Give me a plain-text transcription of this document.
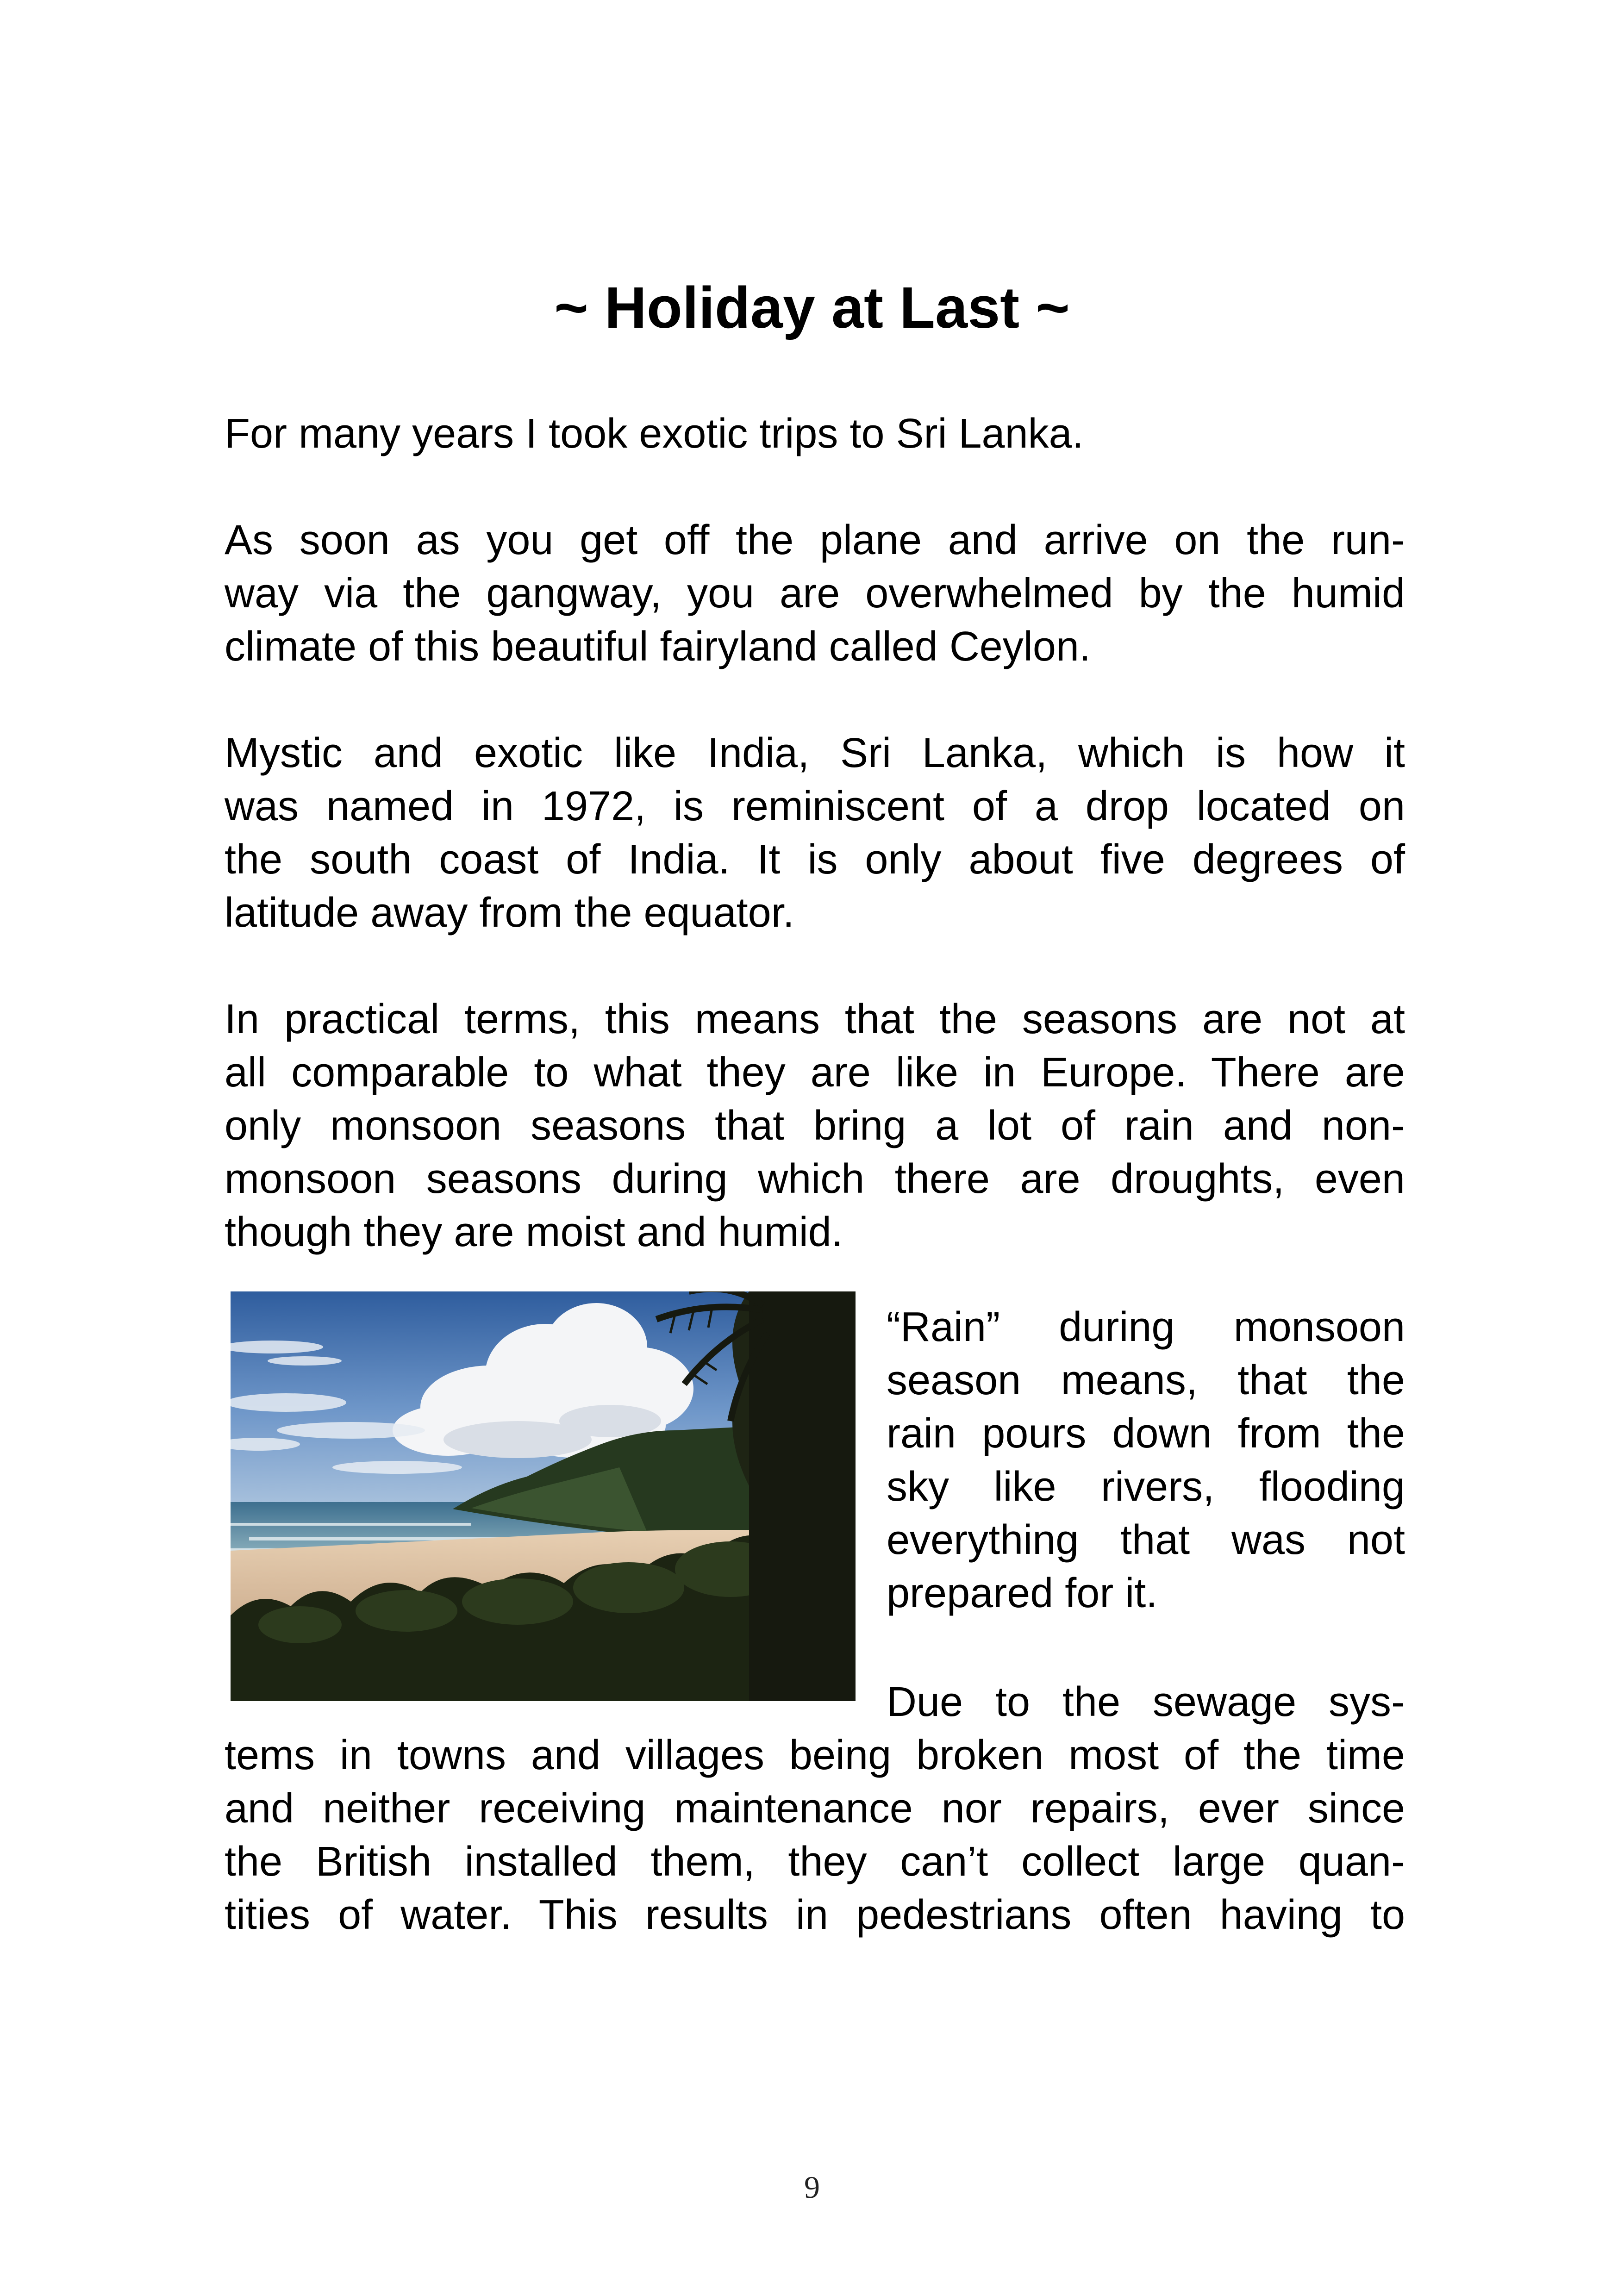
~ Holiday at Last ~

For many years I took exotic trips to Sri Lanka.

As soon as you get off the plane and arrive on the run-
way via the gangway, you are overwhelmed by the humid
climate of this beautiful fairyland called Ceylon.

Mystic and exotic like India, Sri Lanka, which is how it
was named in 1972, is reminiscent of a drop located on
the south coast of India. It is only about five degrees of
latitude away from the equator.

In practical terms, this means that the seasons are not at
all comparable to what they are like in Europe. There are
only monsoon seasons that bring a lot of rain and non-
monsoon seasons during which there are droughts, even
though they are moist and humid.

“Rain” during monsoon
season means, that the
rain pours down from the
sky like rivers, flooding
everything that was not
prepared for it.

Due to the sewage sys-

tems in towns and villages being broken most of the time
and neither receiving maintenance nor repairs, ever since
the British installed them, they can’t collect large quan-
tities of water. This results in pedestrians often having to

9
